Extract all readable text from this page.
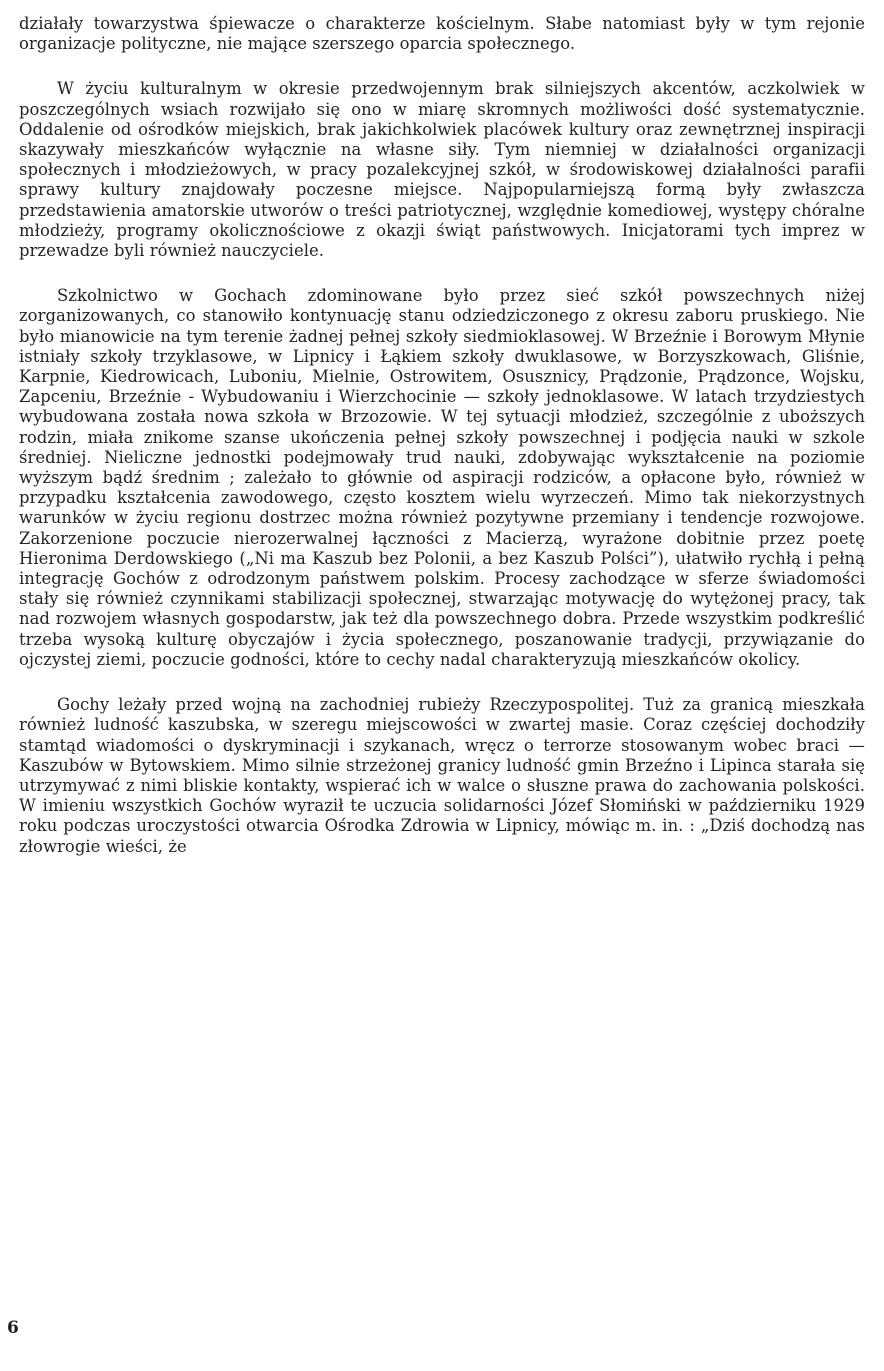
działały towarzystwa śpiewacze o charakterze kościelnym. Słabe natomiast były w tym rejonie organizacje polityczne, nie mające szerszego oparcia społecznego.

W życiu kulturalnym w okresie przedwojennym brak silniejszych akcentów, aczkolwiek w poszczególnych wsiach rozwijało się ono w miarę skromnych możliwości dość systematycznie. Oddalenie od ośrodków miejskich, brak jakichkolwiek placówek kultury oraz zewnętrznej inspiracji skazywały mieszkańców wyłącznie na własne siły. Tym niemniej w działalności organizacji społecznych i młodzieżowych, w pracy pozalekcyjnej szkół, w środowiskowej działalności parafii sprawy kultury znajdowały poczesne miejsce. Najpopularniejszą formą były zwłaszcza przedstawienia amatorskie utworów o treści patriotycznej, względnie komediowej, występy chóralne młodzieży, programy okolicznościowe z okazji świąt państwowych. Inicjatorami tych imprez w przewadze byli również nauczyciele.

Szkolnictwo w Gochach zdominowane było przez sieć szkół powszechnych niżej zorganizowanych, co stanowiło kontynuację stanu odziedziczonego z okresu zaboru pruskiego. Nie było mianowicie na tym terenie żadnej pełnej szkoły siedmioklasowej. W Brzeźnie i Borowym Młynie istniały szkoły trzyklasowe, w Lipnicy i Łąkiem szkoły dwuklasowe, w Borzyszkowach, Gliśnie, Karpnie, Kiedrowicach, Luboniu, Mielnie, Ostrowitem, Osusznicy, Prądzonie, Prądzonce, Wojsku, Zapceniu, Brzeźnie - Wybudowaniu i Wierzchocinie — szkoły jednoklasowe. W latach trzydziestych wybudowana została nowa szkoła w Brzozowie. W tej sytuacji młodzież, szczególnie z uboższych rodzin, miała znikome szanse ukończenia pełnej szkoły powszechnej i podjęcia nauki w szkole średniej. Nieliczne jednostki podejmowały trud nauki, zdobywając wykształcenie na poziomie wyższym bądź średnim ; zależało to głównie od aspiracji rodziców, a opłacone było, również w przypadku kształcenia zawodowego, często kosztem wielu wyrzeczeń. Mimo tak niekorzystnych warunków w życiu regionu dostrzec można również pozytywne przemiany i tendencje rozwojowe. Zakorzenione poczucie nierozerwalnej łączności z Macierzą, wyrażone dobitnie przez poetę Hieronima Derdowskiego („Ni ma Kaszub bez Polonii, a bez Kaszub Polści”), ułatwiło rychłą i pełną integrację Gochów z odrodzonym państwem polskim. Procesy zachodzące w sferze świadomości stały się również czynnikami stabilizacji społecznej, stwarzając motywację do wytężonej pracy, tak nad rozwojem własnych gospodarstw, jak też dla powszechnego dobra. Przede wszystkim podkreślić trzeba wysoką kulturę obyczajów i życia społecznego, poszanowanie tradycji, przywiązanie do ojczystej ziemi, poczucie godności, które to cechy nadal charakteryzują mieszkańców okolicy.

Gochy leżały przed wojną na zachodniej rubieży Rzeczypospolitej. Tuż za granicą mieszkała również ludność kaszubska, w szeregu miejscowości w zwartej masie. Coraz częściej dochodziły stamtąd wiadomości o dyskryminacji i szykanach, wręcz o terrorze stosowanym wobec braci — Kaszubów w Bytowskiem. Mimo silnie strzeżonej granicy ludność gmin Brzeźno i Lipinca starała się utrzymywać z nimi bliskie kontakty, wspierać ich w walce o słuszne prawa do zachowania polskości. W imieniu wszystkich Gochów wyraził te uczucia solidarności Józef Słomiński w październiku 1929 roku podczas uroczystości otwarcia Ośrodka Zdrowia w Lipnicy, mówiąc m. in. : „Dziś dochodzą nas złowrogie wieści, że

6
